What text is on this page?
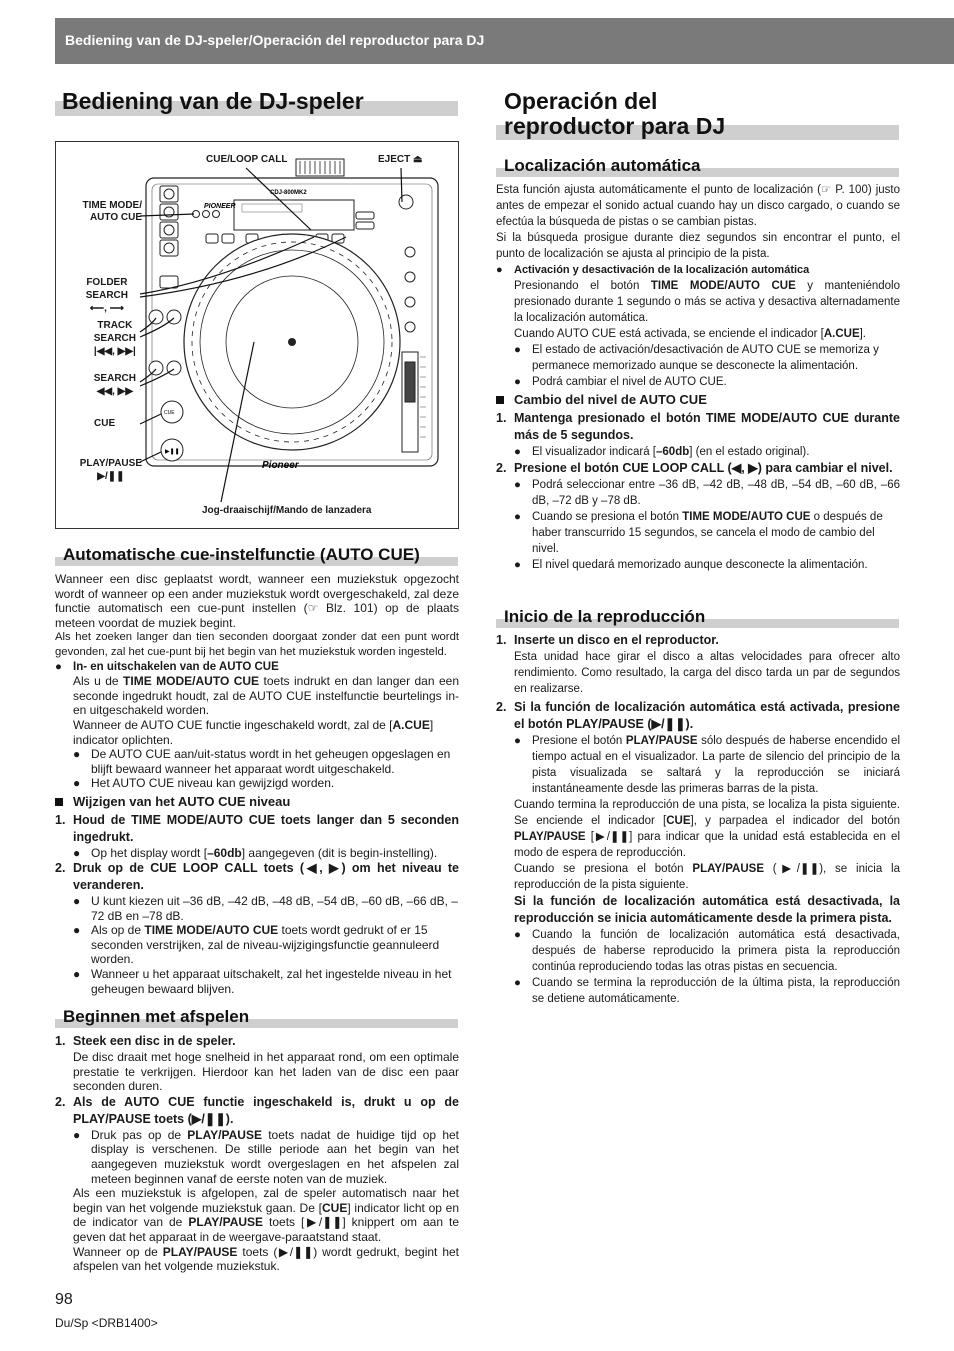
Bediening van de DJ-speler/Operación del reproductor para DJ
Bediening van de DJ-speler	Operación del
reproductor para DJ
CDJ-800MK2
PIONEER
CUE
▶❚❚
Pioneer
CUE/LOOP CALL	EJECT ⏏
TIME MODE/
AUTO CUE
FOLDER
SEARCH
⟵, ⟶
TRACK
SEARCH
|◀◀, ▶▶|
SEARCH
◀◀, ▶▶
CUE
PLAY/PAUSE
▶/❚❚
Jog-draaischijf/Mando de lanzadera
Automatische cue-instelfunctie (AUTO CUE)

Wanneer een disc geplaatst wordt, wanneer een muziekstuk opgezocht wordt of wanneer op een ander muziekstuk wordt overgeschakeld, zal deze functie automatisch een cue-punt instellen (☞ Blz. 101) op de plaats meteen voordat de muziek begint.

Als het zoeken langer dan tien seconden doorgaat zonder dat een punt wordt gevonden, zal het cue-punt bij het begin van het muziekstuk worden ingesteld.

● In- en uitschakelen van de AUTO CUE

Als u de TIME MODE/AUTO CUE toets indrukt en dan langer dan een seconde ingedrukt houdt, zal de AUTO CUE instelfunctie beurtelings in- en uitgeschakeld worden.

Wanneer de AUTO CUE functie ingeschakeld wordt, zal de [A.CUE] indicator oplichten.

● De AUTO CUE aan/uit-status wordt in het geheugen opgeslagen en blijft bewaard wanneer het apparaat wordt uitgeschakeld.

● Het AUTO CUE niveau kan gewijzigd worden.

Wijzigen van het AUTO CUE niveau

1. Houd de TIME MODE/AUTO CUE toets langer dan 5 seconden ingedrukt.

● Op het display wordt [–60db] aangegeven (dit is begin-instelling).

2. Druk op de CUE LOOP CALL toets (◀, ▶) om het niveau te veranderen.

● U kunt kiezen uit –36 dB, –42 dB, –48 dB, –54 dB, –60 dB, –66 dB, –72 dB en –78 dB.

● Als op de TIME MODE/AUTO CUE toets wordt gedrukt of er 15 seconden verstrijken, zal de niveau-wijzigingsfunctie geannuleerd worden.

● Wanneer u het apparaat uitschakelt, zal het ingestelde niveau in het geheugen bewaard blijven.

Beginnen met afspelen

1. Steek een disc in de speler.

De disc draait met hoge snelheid in het apparaat rond, om een optimale prestatie te verkrijgen. Hierdoor kan het laden van de disc een paar seconden duren.

2. Als de AUTO CUE functie ingeschakeld is, drukt u op de PLAY/PAUSE toets (▶/❚❚).

● Druk pas op de PLAY/PAUSE toets nadat de huidige tijd op het display is verschenen. De stille periode aan het begin van het aangegeven muziekstuk wordt overgeslagen en het afspelen zal meteen beginnen vanaf de eerste noten van de muziek.

Als een muziekstuk is afgelopen, zal de speler automatisch naar het begin van het volgende muziekstuk gaan. De [CUE] indicator licht op en de indicator van de PLAY/PAUSE toets [▶/❚❚] knippert om aan te geven dat het apparaat in de weergave-paraatstand staat.

Wanneer op de PLAY/PAUSE toets (▶/❚❚) wordt gedrukt, begint het afspelen van het volgende muziekstuk.

Localización automática

Esta función ajusta automáticamente el punto de localización (☞ P. 100) justo antes de empezar el sonido actual cuando hay un disco cargado, o cuando se efectúa la búsqueda de pistas o se cambian pistas.

Si la búsqueda prosigue durante diez segundos sin encontrar el punto, el punto de localización se ajusta al principio de la pista.

● Activación y desactivación de la localización automática

Presionando el botón TIME MODE/AUTO CUE y manteniéndolo presionado durante 1 segundo o más se activa y desactiva alternadamente la localización automática.

Cuando AUTO CUE está activada, se enciende el indicador [A.CUE].

● El estado de activación/desactivación de AUTO CUE se memoriza y permanece memorizado aunque se desconecte la alimentación.

● Podrá cambiar el nivel de AUTO CUE.

Cambio del nivel de AUTO CUE

1. Mantenga presionado el botón TIME MODE/AUTO CUE durante más de 5 segundos.

● El visualizador indicará [–60db] (en el estado original).

2. Presione el botón CUE LOOP CALL (◀, ▶) para cambiar el nivel.

● Podrá seleccionar entre –36 dB, –42 dB, –48 dB, –54 dB, –60 dB, –66 dB, –72 dB y –78 dB.

● Cuando se presiona el botón TIME MODE/AUTO CUE o después de haber transcurrido 15 segundos, se cancela el modo de cambio del nivel.

● El nivel quedará memorizado aunque desconecte la alimentación.

Inicio de la reproducción

1. Inserte un disco en el reproductor.

Esta unidad hace girar el disco a altas velocidades para ofrecer alto rendimiento. Como resultado, la carga del disco tarda un par de segundos en realizarse.

2. Si la función de localización automática está activada, presione el botón PLAY/PAUSE (▶/❚❚).

● Presione el botón PLAY/PAUSE sólo después de haberse encendido el tiempo actual en el visualizador. La parte de silencio del principio de la pista visualizada se saltará y la reproducción se iniciará instantáneamente desde las primeras barras de la pista.

Cuando termina la reproducción de una pista, se localiza la pista siguiente. Se enciende el indicador [CUE], y parpadea el indicador del botón PLAY/PAUSE [▶/❚❚] para indicar que la unidad está establecida en el modo de espera de reproducción.

Cuando se presiona el botón PLAY/PAUSE (▶/❚❚), se inicia la reproducción de la pista siguiente.

Si la función de localización automática está desactivada, la reproducción se inicia automáticamente desde la primera pista.

● Cuando la función de localización automática está desactivada, después de haberse reproducido la primera pista la reproducción continúa reproduciendo todas las otras pistas en secuencia.

● Cuando se termina la reproducción de la última pista, la reproducción se detiene automáticamente.

98
Du/Sp <DRB1400>
